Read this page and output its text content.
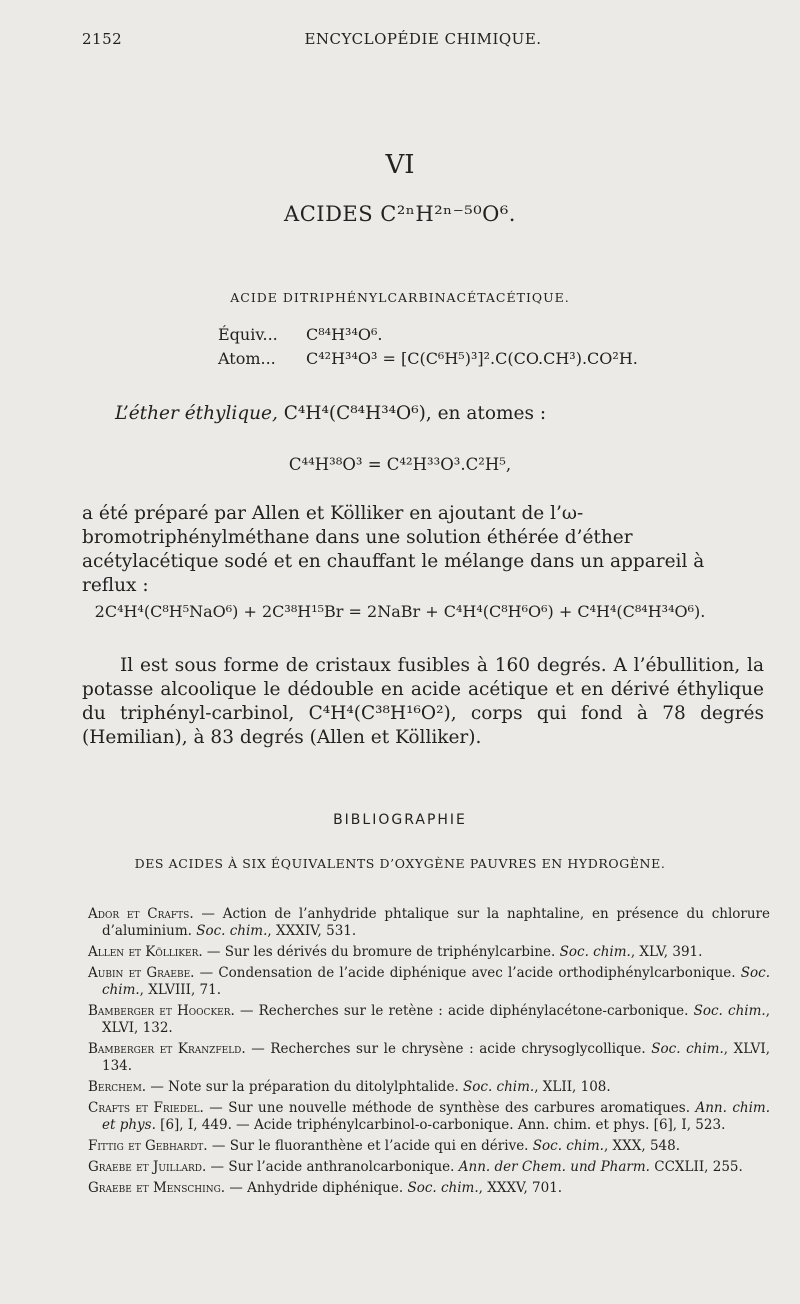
2152	ENCYCLOPÉDIE CHIMIQUE.
VI
ACIDES C²ⁿH²ⁿ⁻⁵⁰O⁶.
ACIDE DITRIPHÉNYLCARBINACÉTACÉTIQUE.
Équiv... C⁸⁴H³⁴O⁶.
Atom... C⁴²H³⁴O³ = [C(C⁶H⁵)³]².C(CO.CH³).CO²H.
L’éther éthylique, C⁴H⁴(C⁸⁴H³⁴O⁶), en atomes :
C⁴⁴H³⁸O³ = C⁴²H³³O³.C²H⁵,
a été préparé par Allen et Kölliker en ajoutant de l’ω-bromotriphénylméthane dans une solution éthérée d’éther acétylacétique sodé et en chauffant le mélange dans un appareil à reflux :
2C⁴H⁴(C⁸H⁵NaO⁶) + 2C³⁸H¹⁵Br = 2NaBr + C⁴H⁴(C⁸H⁶O⁶) + C⁴H⁴(C⁸⁴H³⁴O⁶).
Il est sous forme de cristaux fusibles à 160 degrés. A l’ébullition, la potasse alcoolique le dédouble en acide acétique et en dérivé éthylique du triphényl-carbinol, C⁴H⁴(C³⁸H¹⁶O²), corps qui fond à 78 degrés (Hemilian), à 83 degrés (Allen et Kölliker).
BIBLIOGRAPHIE
DES ACIDES À SIX ÉQUIVALENTS D’OXYGÈNE PAUVRES EN HYDROGÈNE.

Ador et Crafts. — Action de l’anhydride phtalique sur la naphtaline, en présence du chlorure d’aluminium. Soc. chim., XXXIV, 531.

Allen et Kölliker. — Sur les dérivés du bromure de triphénylcarbine. Soc. chim., XLV, 391.

Aubin et Graebe. — Condensation de l’acide diphénique avec l’acide orthodiphénylcarbonique. Soc. chim., XLVIII, 71.

Bamberger et Hoocker. — Recherches sur le retène : acide diphénylacétone-carbonique. Soc. chim., XLVI, 132.

Bamberger et Kranzfeld. — Recherches sur le chrysène : acide chrysoglycollique. Soc. chim., XLVI, 134.

Berchem. — Note sur la préparation du ditolylphtalide. Soc. chim., XLII, 108.

Crafts et Friedel. — Sur une nouvelle méthode de synthèse des carbures aromatiques. Ann. chim. et phys. [6], I, 449. — Acide triphénylcarbinol-o-carbonique. Ann. chim. et phys. [6], I, 523.

Fittig et Gebhardt. — Sur le fluoranthène et l’acide qui en dérive. Soc. chim., XXX, 548.

Graebe et Juillard. — Sur l’acide anthranolcarbonique. Ann. der Chem. und Pharm. CCXLII, 255.

Graebe et Mensching. — Anhydride diphénique. Soc. chim., XXXV, 701.
